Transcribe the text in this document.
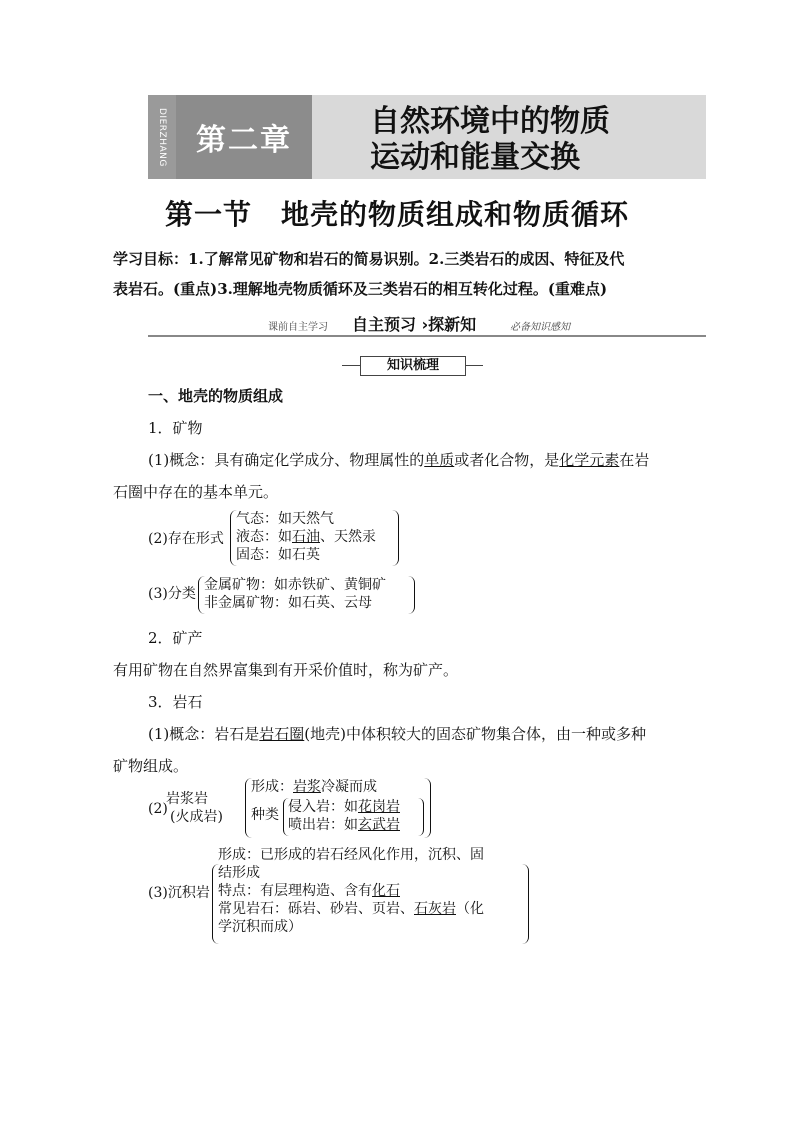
DIERZHANG 第二章
自然环境中的物质
运动和能量交换
第一节　地壳的物质组成和物质循环
学习目标：1.了解常见矿物和岩石的简易识别。2.三类岩石的成因、特征及代
表岩石。(重点)3.理解地壳物质循环及三类岩石的相互转化过程。(重难点)
课前自主学习 自主预习 ›探新知	必备知识感知
知识梳理
一、地壳的物质组成
1．矿物
(1)概念：具有确定化学成分、物理属性的单质或者化合物，是化学元素在岩
石圈中存在的基本单元。
(2)存在形式
气态：如天然气
液态：如石油、天然汞
固态：如石英
(3)分类
金属矿物：如赤铁矿、黄铜矿
非金属矿物：如石英、云母
2．矿产
有用矿物在自然界富集到有开采价值时，称为矿产。
3．岩石
(1)概念：岩石是岩石圈(地壳)中体积较大的固态矿物集合体，由一种或多种
矿物组成。
(2)
岩浆岩
(火成岩)
形成：岩浆冷凝而成
种类 侵入岩：如花岗岩
喷出岩：如玄武岩
(3)沉积岩
形成：已形成的岩石经风化作用，沉积、固
结形成
特点：有层理构造、含有化石
常见岩石：砾岩、砂岩、页岩、石灰岩（化
学沉积而成）
